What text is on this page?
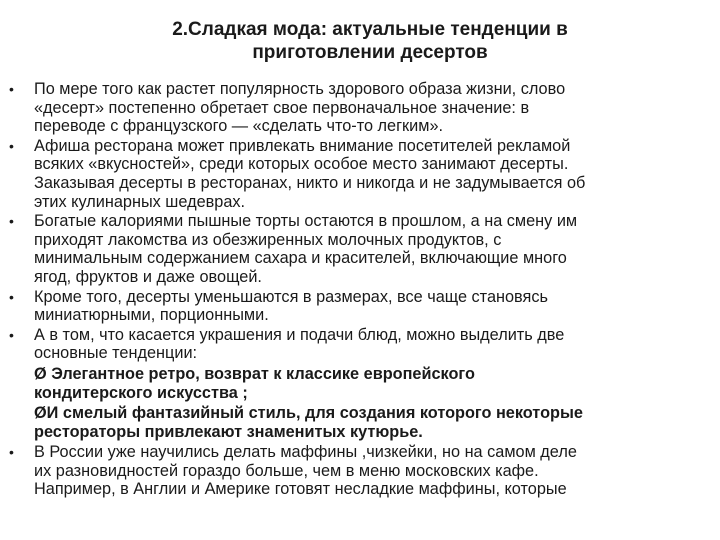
2.Сладкая мода: актуальные тенденции в
приготовлении десертов
• По мере того как растет популярность здорового образа жизни, слово
«десерт» постепенно обретает свое первоначальное значение: в
переводе с французского — «сделать что-то легким».
• Афиша ресторана может привлекать внимание посетителей рекламой
всяких «вкусностей», среди которых особое место занимают десерты.
Заказывая десерты в ресторанах, никто и никогда и не задумывается об
этих кулинарных шедеврах.
• Богатые калориями пышные торты остаются в прошлом, а на смену им
приходят лакомства из обезжиренных молочных продуктов, с
минимальным содержанием сахара и красителей, включающие много
ягод, фруктов и даже овощей.
• Кроме того, десерты уменьшаются в размерах, все чаще становясь
миниатюрными, порционными.
• А в том, что касается украшения и подачи блюд, можно выделить две
основные тенденции:
Ø Элегантное ретро, возврат к классике европейского
кондитерского искусства ;
ØИ смелый фантазийный стиль, для создания которого некоторые
рестораторы привлекают знаменитых кутюрье.
• В России уже научились делать маффины ,чизкейки, но на самом деле
их разновидностей гораздо больше, чем в меню московских кафе.
Например, в Англии и Америке готовят несладкие маффины, которые
